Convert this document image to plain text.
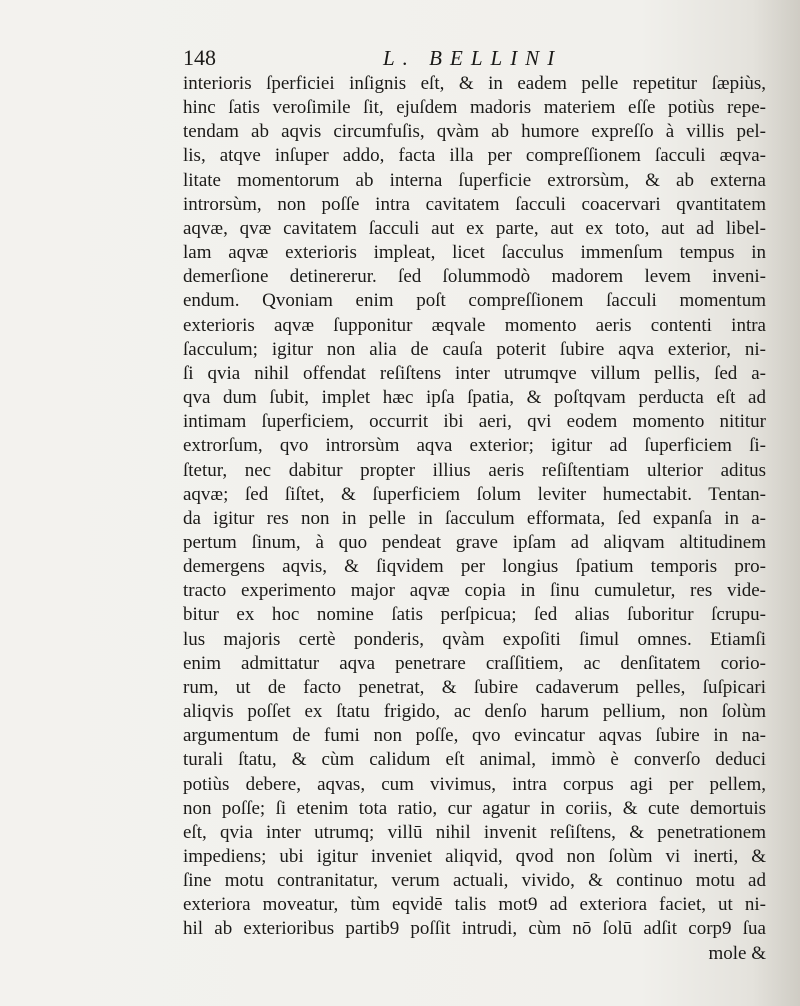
148	L. BELLINI
interioris ſperficiei inſignis eſt, & in eadem pelle repetitur ſæpiùs,
hinc ſatis veroſimile ſit, ejuſdem madoris materiem eſſe potiùs repe-
tendam ab aqvis circumfuſis, qvàm ab humore expreſſo à villis pel-
lis, atqve inſuper addo, facta illa per compreſſionem ſacculi æqva-
litate momentorum ab interna ſuperficie extrorsùm, & ab externa
introrsùm, non poſſe intra cavitatem ſacculi coacervari qvantitatem
aqvæ, qvæ cavitatem ſacculi aut ex parte, aut ex toto, aut ad libel-
lam aqvæ exterioris impleat, licet ſacculus immenſum tempus in
demerſione detinererur. ſed ſolummodò madorem levem inveni-
endum. Qvoniam enim poſt compreſſionem ſacculi momentum
exterioris aqvæ ſupponitur æqvale momento aeris contenti intra
ſacculum; igitur non alia de cauſa poterit ſubire aqva exterior, ni-
ſi qvia nihil offendat reſiſtens inter utrumqve villum pellis, ſed a-
qva dum ſubit, implet hæc ipſa ſpatia, & poſtqvam perducta eſt ad
intimam ſuperficiem, occurrit ibi aeri, qvi eodem momento nititur
extrorſum, qvo introrsùm aqva exterior; igitur ad ſuperficiem ſi-
ſtetur, nec dabitur propter illius aeris reſiſtentiam ulterior aditus
aqvæ; ſed ſiſtet, & ſuperficiem ſolum leviter humectabit. Tentan-
da igitur res non in pelle in ſacculum efformata, ſed expanſa in a-
pertum ſinum, à quo pendeat grave ipſam ad aliqvam altitudinem
demergens aqvis, & ſiqvidem per longius ſpatium temporis pro-
tracto experimento major aqvæ copia in ſinu cumuletur, res vide-
bitur ex hoc nomine ſatis perſpicua; ſed alias ſuboritur ſcrupu-
lus majoris certè ponderis, qvàm expoſiti ſimul omnes. Etiamſi
enim admittatur aqva penetrare craſſitiem, ac denſitatem corio-
rum, ut de facto penetrat, & ſubire cadaverum pelles, ſuſpicari
aliqvis poſſet ex ſtatu frigido, ac denſo harum pellium, non ſolùm
argumentum de fumi non poſſe, qvo evincatur aqvas ſubire in na-
turali ſtatu, & cùm calidum eſt animal, immò è converſo deduci
potiùs debere, aqvas, cum vivimus, intra corpus agi per pellem,
non poſſe; ſi etenim tota ratio, cur agatur in coriis, & cute demortuis
eſt, qvia inter utrumq; villū nihil invenit reſiſtens, & penetrationem
impediens; ubi igitur inveniet aliqvid, qvod non ſolùm vi inerti, &
ſine motu contranitatur, verum actuali, vivido, & continuo motu ad
exteriora moveatur, tùm eqvidē talis mot9 ad exteriora faciet, ut ni-
hil ab exterioribus partib9 poſſit intrudi, cùm nō ſolū adſit corp9 ſua
mole &
